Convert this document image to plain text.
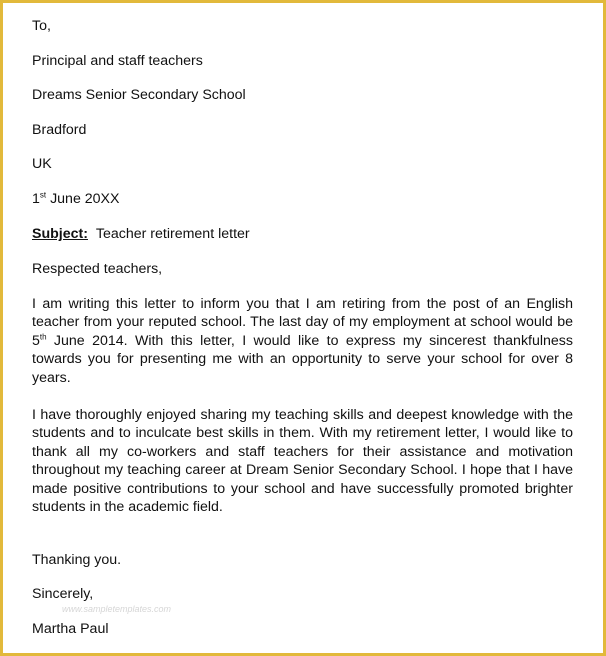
To,
Principal and staff teachers
Dreams Senior Secondary School
Bradford
UK
1st June 20XX
Subject: Teacher retirement letter
Respected teachers,
I am writing this letter to inform you that I am retiring from the post of an English teacher from your reputed school. The last day of my employment at school would be 5th June 2014. With this letter, I would like to express my sincerest thankfulness towards you for presenting me with an opportunity to serve your school for over 8 years.
I have thoroughly enjoyed sharing my teaching skills and deepest knowledge with the students and to inculcate best skills in them. With my retirement letter, I would like to thank all my co-workers and staff teachers for their assistance and motivation throughout my teaching career at Dream Senior Secondary School. I hope that I have made positive contributions to your school and have successfully promoted brighter students in the academic field.
Thanking you.
Sincerely,
Martha Paul
www.sampletemplates.com
